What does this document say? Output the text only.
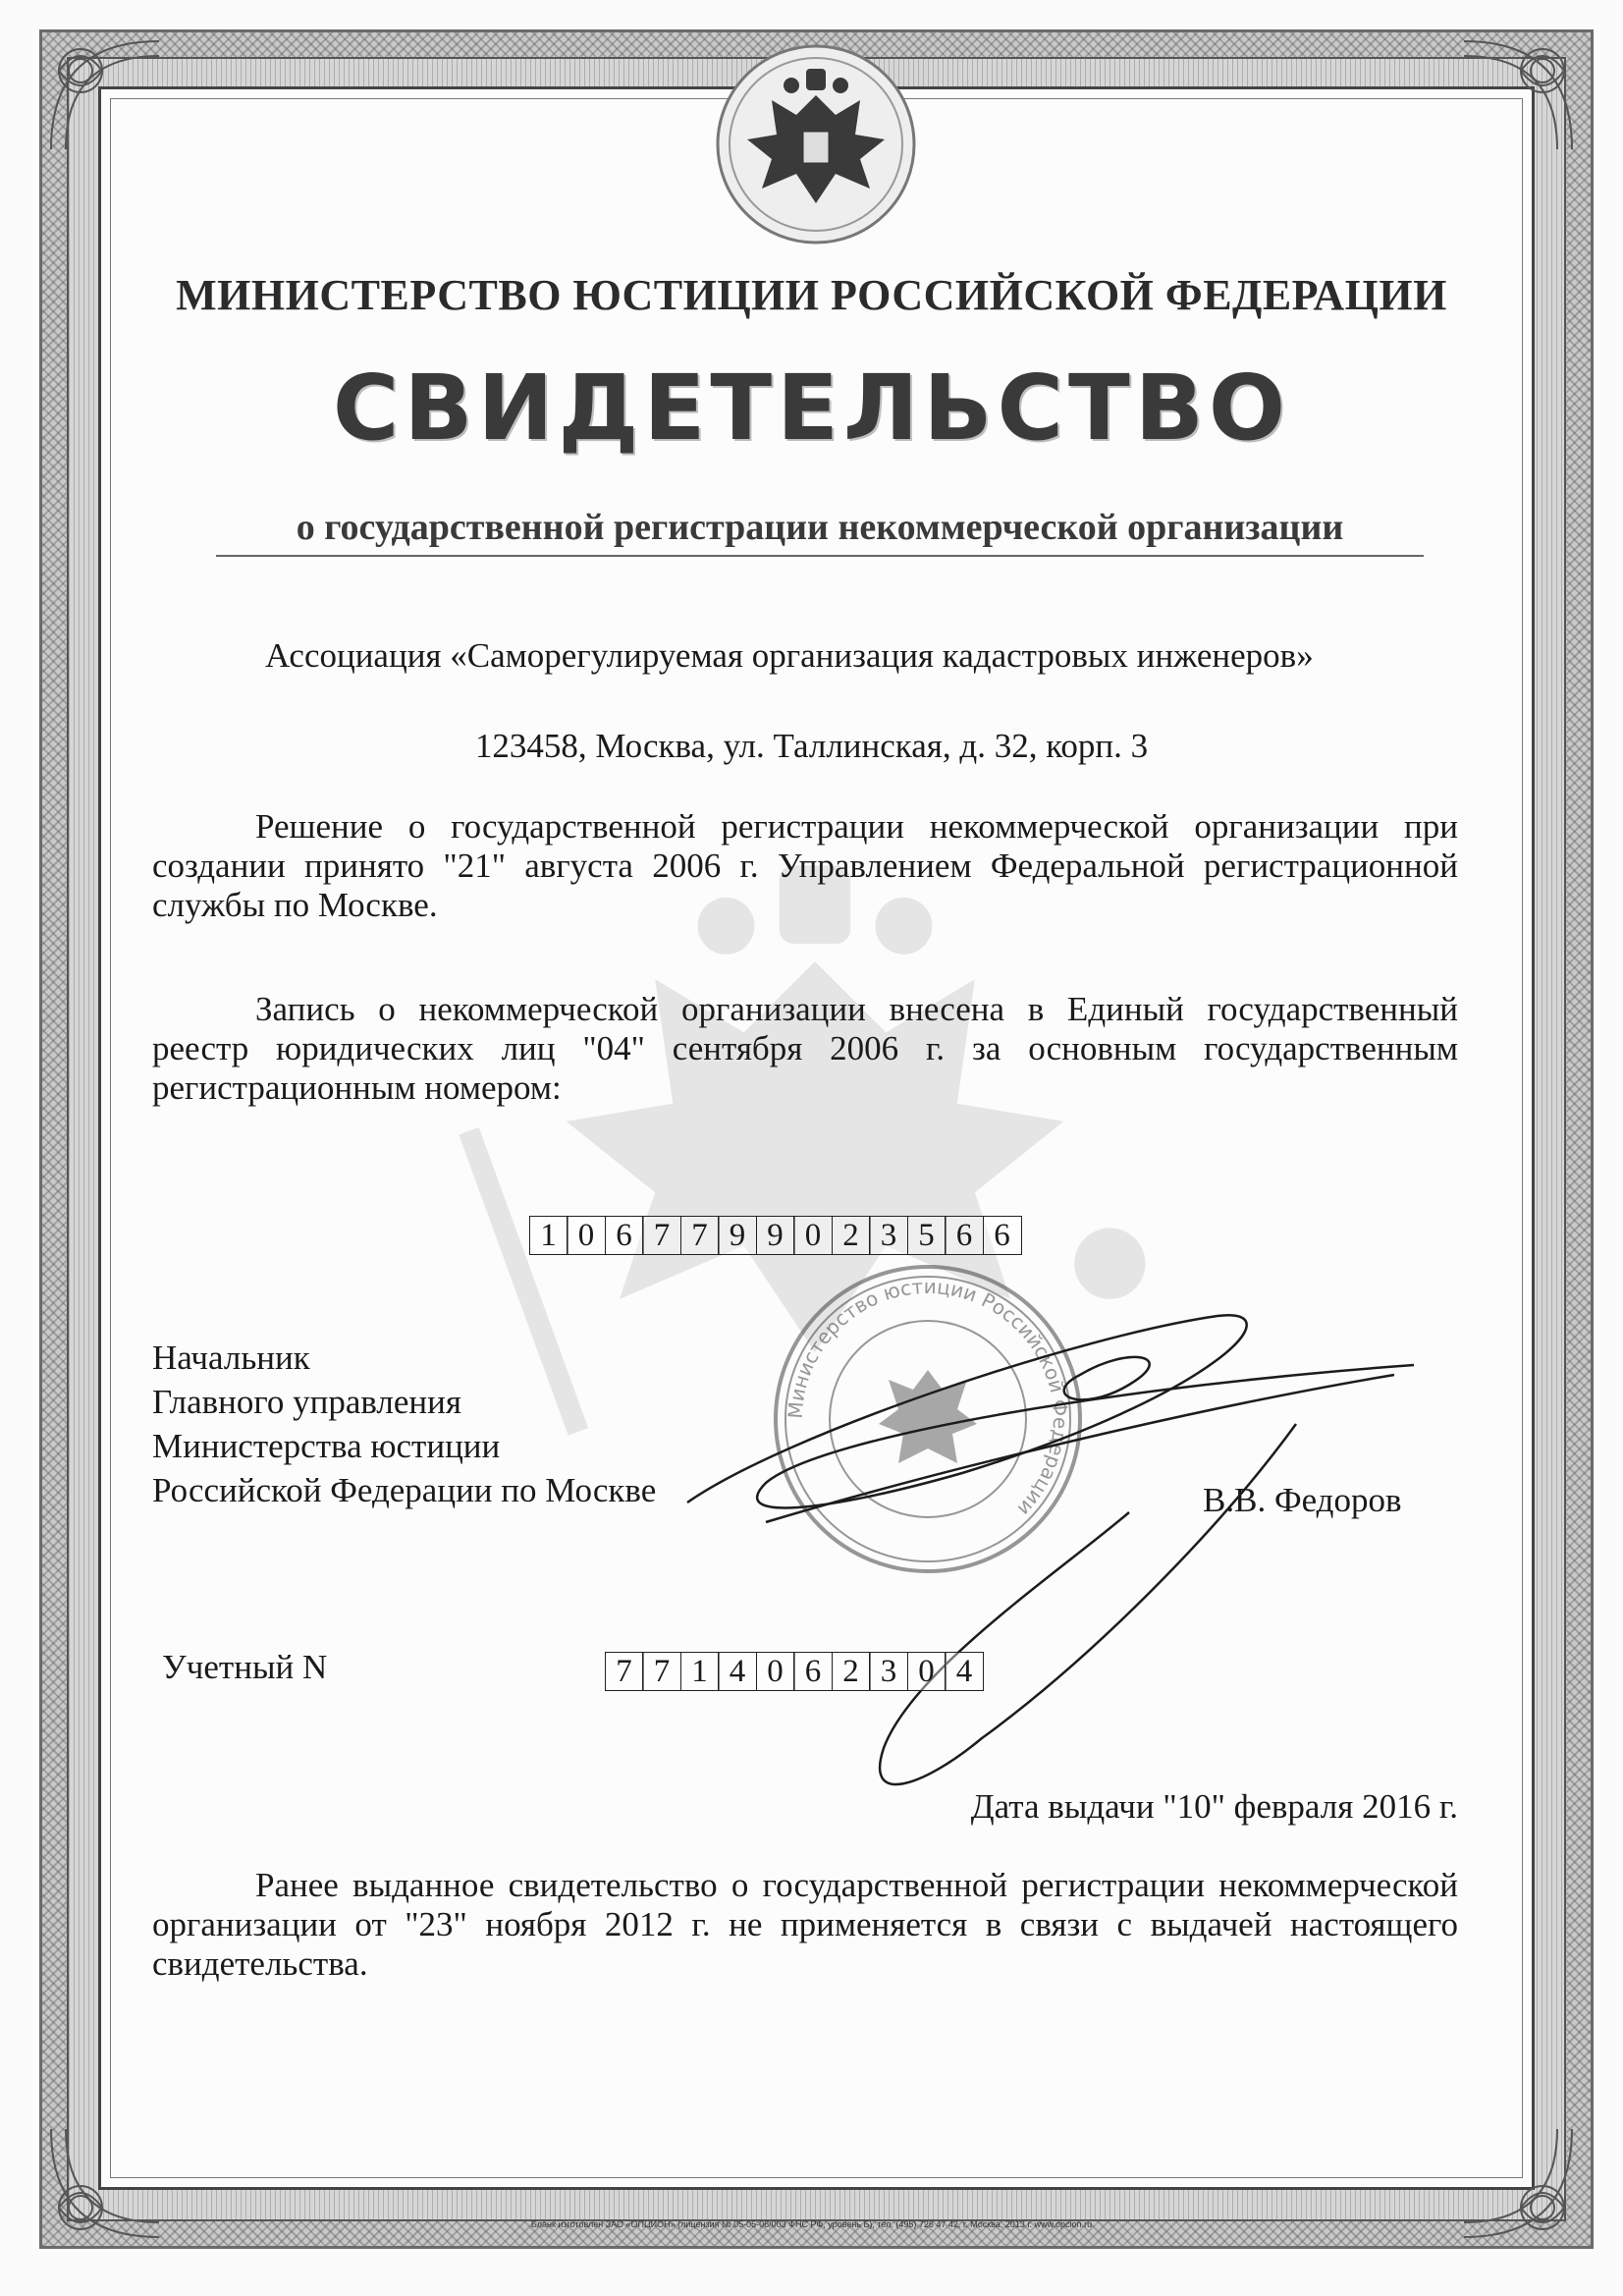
МИНИСТЕРСТВО ЮСТИЦИИ РОССИЙСКОЙ ФЕДЕРАЦИИ
СВИДЕТЕЛЬСТВО
о государственной регистрации некоммерческой организации
Ассоциация «Саморегулируемая организация кадастровых инженеров»
123458, Москва, ул. Таллинская, д. 32, корп. 3
Решение о государственной регистрации некоммерческой организации при создании принято "21" августа 2006 г. Управлением Федеральной регистрационной службы по Москве.
Запись о некоммерческой организации внесена в Единый государственный реестр юридических лиц "04" сентября 2006 г. за основным государственным регистрационным номером:
1 0 6 7 7 9 9 0 2 3 5 6 6
Начальник
Главного управления
Министерства юстиции
Российской Федерации по Москве	В.В. Федоров
Министерство юстиции Российской Федерации
Учетный N	7 7 1 4 0 6 2 3 0 4
Дата выдачи "10" февраля 2016 г.
Ранее выданное свидетельство о государственной регистрации некоммерческой организации от "23" ноября 2012 г. не применяется в связи с выдачей настоящего свидетельства.
Бланк изготовлен ЗАО «ОПЦИОН» (лицензия № 05-05-06/003 ФНС РФ, уровень Б), тел. (495) 726 47 42, г. Москва, 2013 г. www.opcion.ru
